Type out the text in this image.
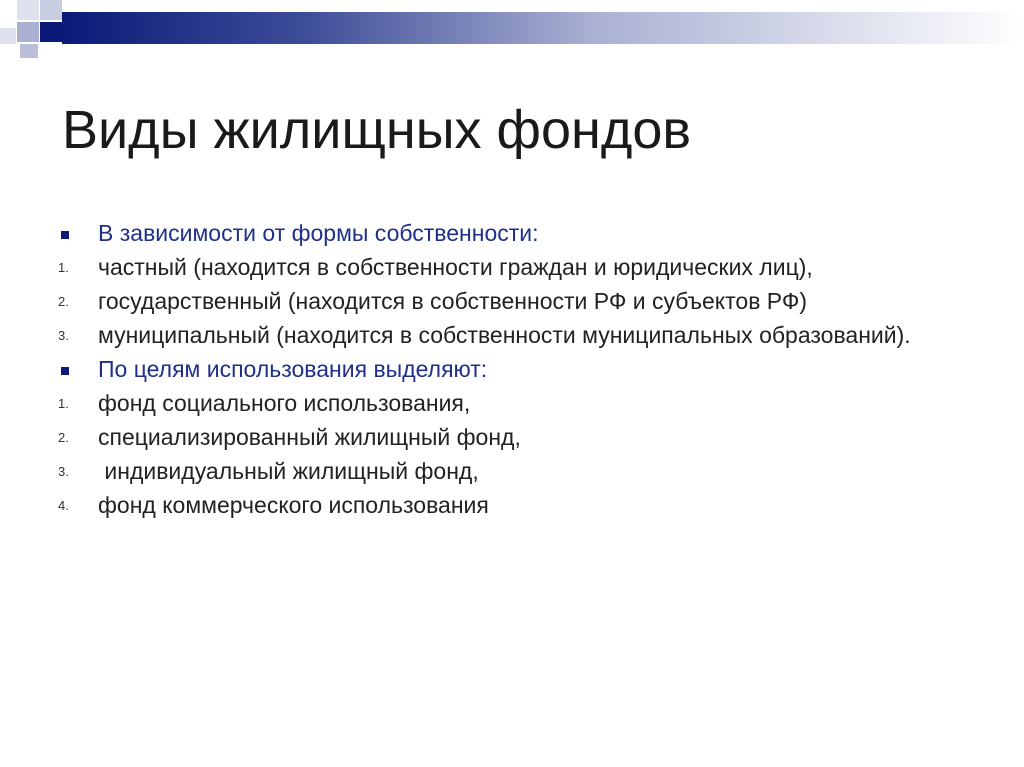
Виды жилищных фондов
В зависимости от формы собственности:
1. частный (находится в собственности граждан и юридических лиц),
2. государственный (находится в собственности РФ и субъектов РФ)
3. муниципальный (находится в собственности муниципальных образований).
По целям использования выделяют:
1. фонд социального использования,
2. специализированный жилищный фонд,
3. индивидуальный жилищный фонд,
4. фонд коммерческого использования
